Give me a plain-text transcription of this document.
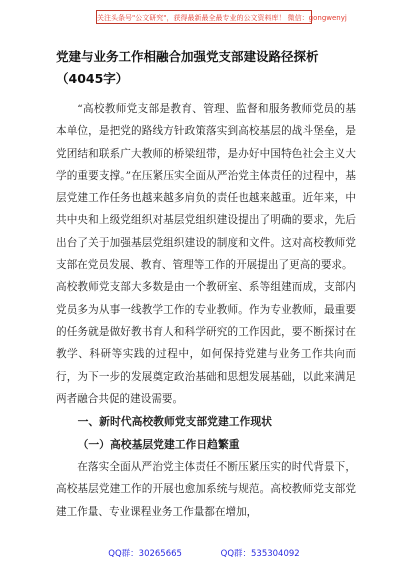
关注头条号"公文研究"，获得最新最全最专业的公文资料库！ 微信：gongwenyj
党建与业务工作相融合加强党支部建设路径探析（4045字）

“高校教师党支部是教育、管理、监督和服务教师党员的基本单位，是把党的路线方针政策落实到高校基层的战斗堡垒，是党团结和联系广大教师的桥梁纽带，是办好中国特色社会主义大学的重要支撑。”在压紧压实全面从严治党主体责任的过程中，基层党建工作任务也越来越多肩负的责任也越来越重。近年来，中共中央和上级党组织对基层党组织建设提出了明确的要求，先后出台了关于加强基层党组织建设的制度和文件。这对高校教师党支部在党员发展、教育、管理等工作的开展提出了更高的要求。

高校教师党支部大多数是由一个教研室、系等组建而成，支部内党员多为从事一线教学工作的专业教师。作为专业教师，最重要的任务就是做好教书育人和科学研究的工作因此，要不断探讨在教学、科研等实践的过程中，如何保持党建与业务工作共向而行，为下一步的发展奠定政治基础和思想发展基础，以此来满足两者融合共促的建设需要。

一、新时代高校教师党支部党建工作现状

（一）高校基层党建工作日趋繁重

在落实全面从严治党主体责任不断压紧压实的时代背景下，高校基层党建工作的开展也愈加系统与规范。高校教师党支部党建工作量、专业课程业务工作量都在增加，

QQ群：30265665	QQ群：535304092
